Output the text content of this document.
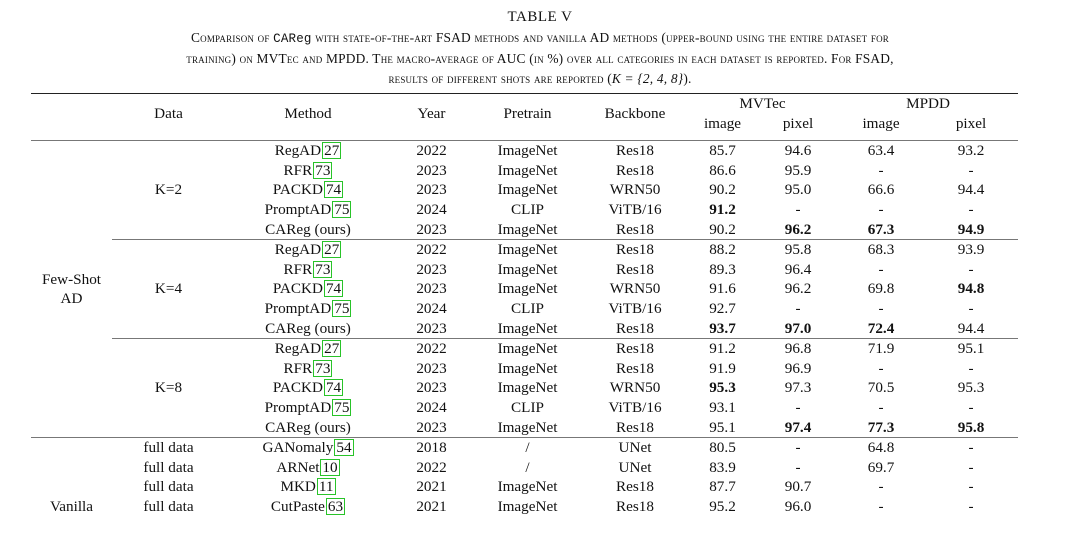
TABLE V
Comparison of CAReg with state-of-the-art FSAD methods and vanilla AD methods (upper-bound using the entire dataset for
training) on MVTec and MPDD. The macro-average of AUC (in %) over all categories in each dataset is reported. For FSAD,
results of different shots are reported (K = {2, 4, 8}).
	Data	Method	Year	Pretrain	Backbone	MVTec		MPDD	
						image	pixel	image	pixel

Few-Shot
AD	K=2	RegAD 27	2022	ImageNet	Res18	85.7	94.6	63.4	93.2
		RFR 73	2023	ImageNet	Res18	86.6	95.9	-	-
		PACKD 74	2023	ImageNet	WRN50	90.2	95.0	66.6	94.4
		PromptAD 75	2024	CLIP	ViTB/16	91.2	-	-	-
		CAReg (ours)	2023	ImageNet	Res18	90.2	96.2	67.3	94.9
	K=4	RegAD 27	2022	ImageNet	Res18	88.2	95.8	68.3	93.9
		RFR 73	2023	ImageNet	Res18	89.3	96.4	-	-
		PACKD 74	2023	ImageNet	WRN50	91.6	96.2	69.8	94.8
		PromptAD 75	2024	CLIP	ViTB/16	92.7	-	-	-
		CAReg (ours)	2023	ImageNet	Res18	93.7	97.0	72.4	94.4
	K=8	RegAD 27	2022	ImageNet	Res18	91.2	96.8	71.9	95.1
		RFR 73	2023	ImageNet	Res18	91.9	96.9	-	-
		PACKD 74	2023	ImageNet	WRN50	95.3	97.3	70.5	95.3
		PromptAD 75	2024	CLIP	ViTB/16	93.1	-	-	-
		CAReg (ours)	2023	ImageNet	Res18	95.1	97.4	77.3	95.8
	full data	GANomaly 54	2018	/	UNet	80.5	-	64.8	-
	full data	ARNet 10	2022	/	UNet	83.9	-	69.7	-
	full data	MKD 11	2021	ImageNet	Res18	87.7	90.7	-	-
Vanilla	full data	CutPaste 63	2021	ImageNet	Res18	95.2	96.0	-	-
